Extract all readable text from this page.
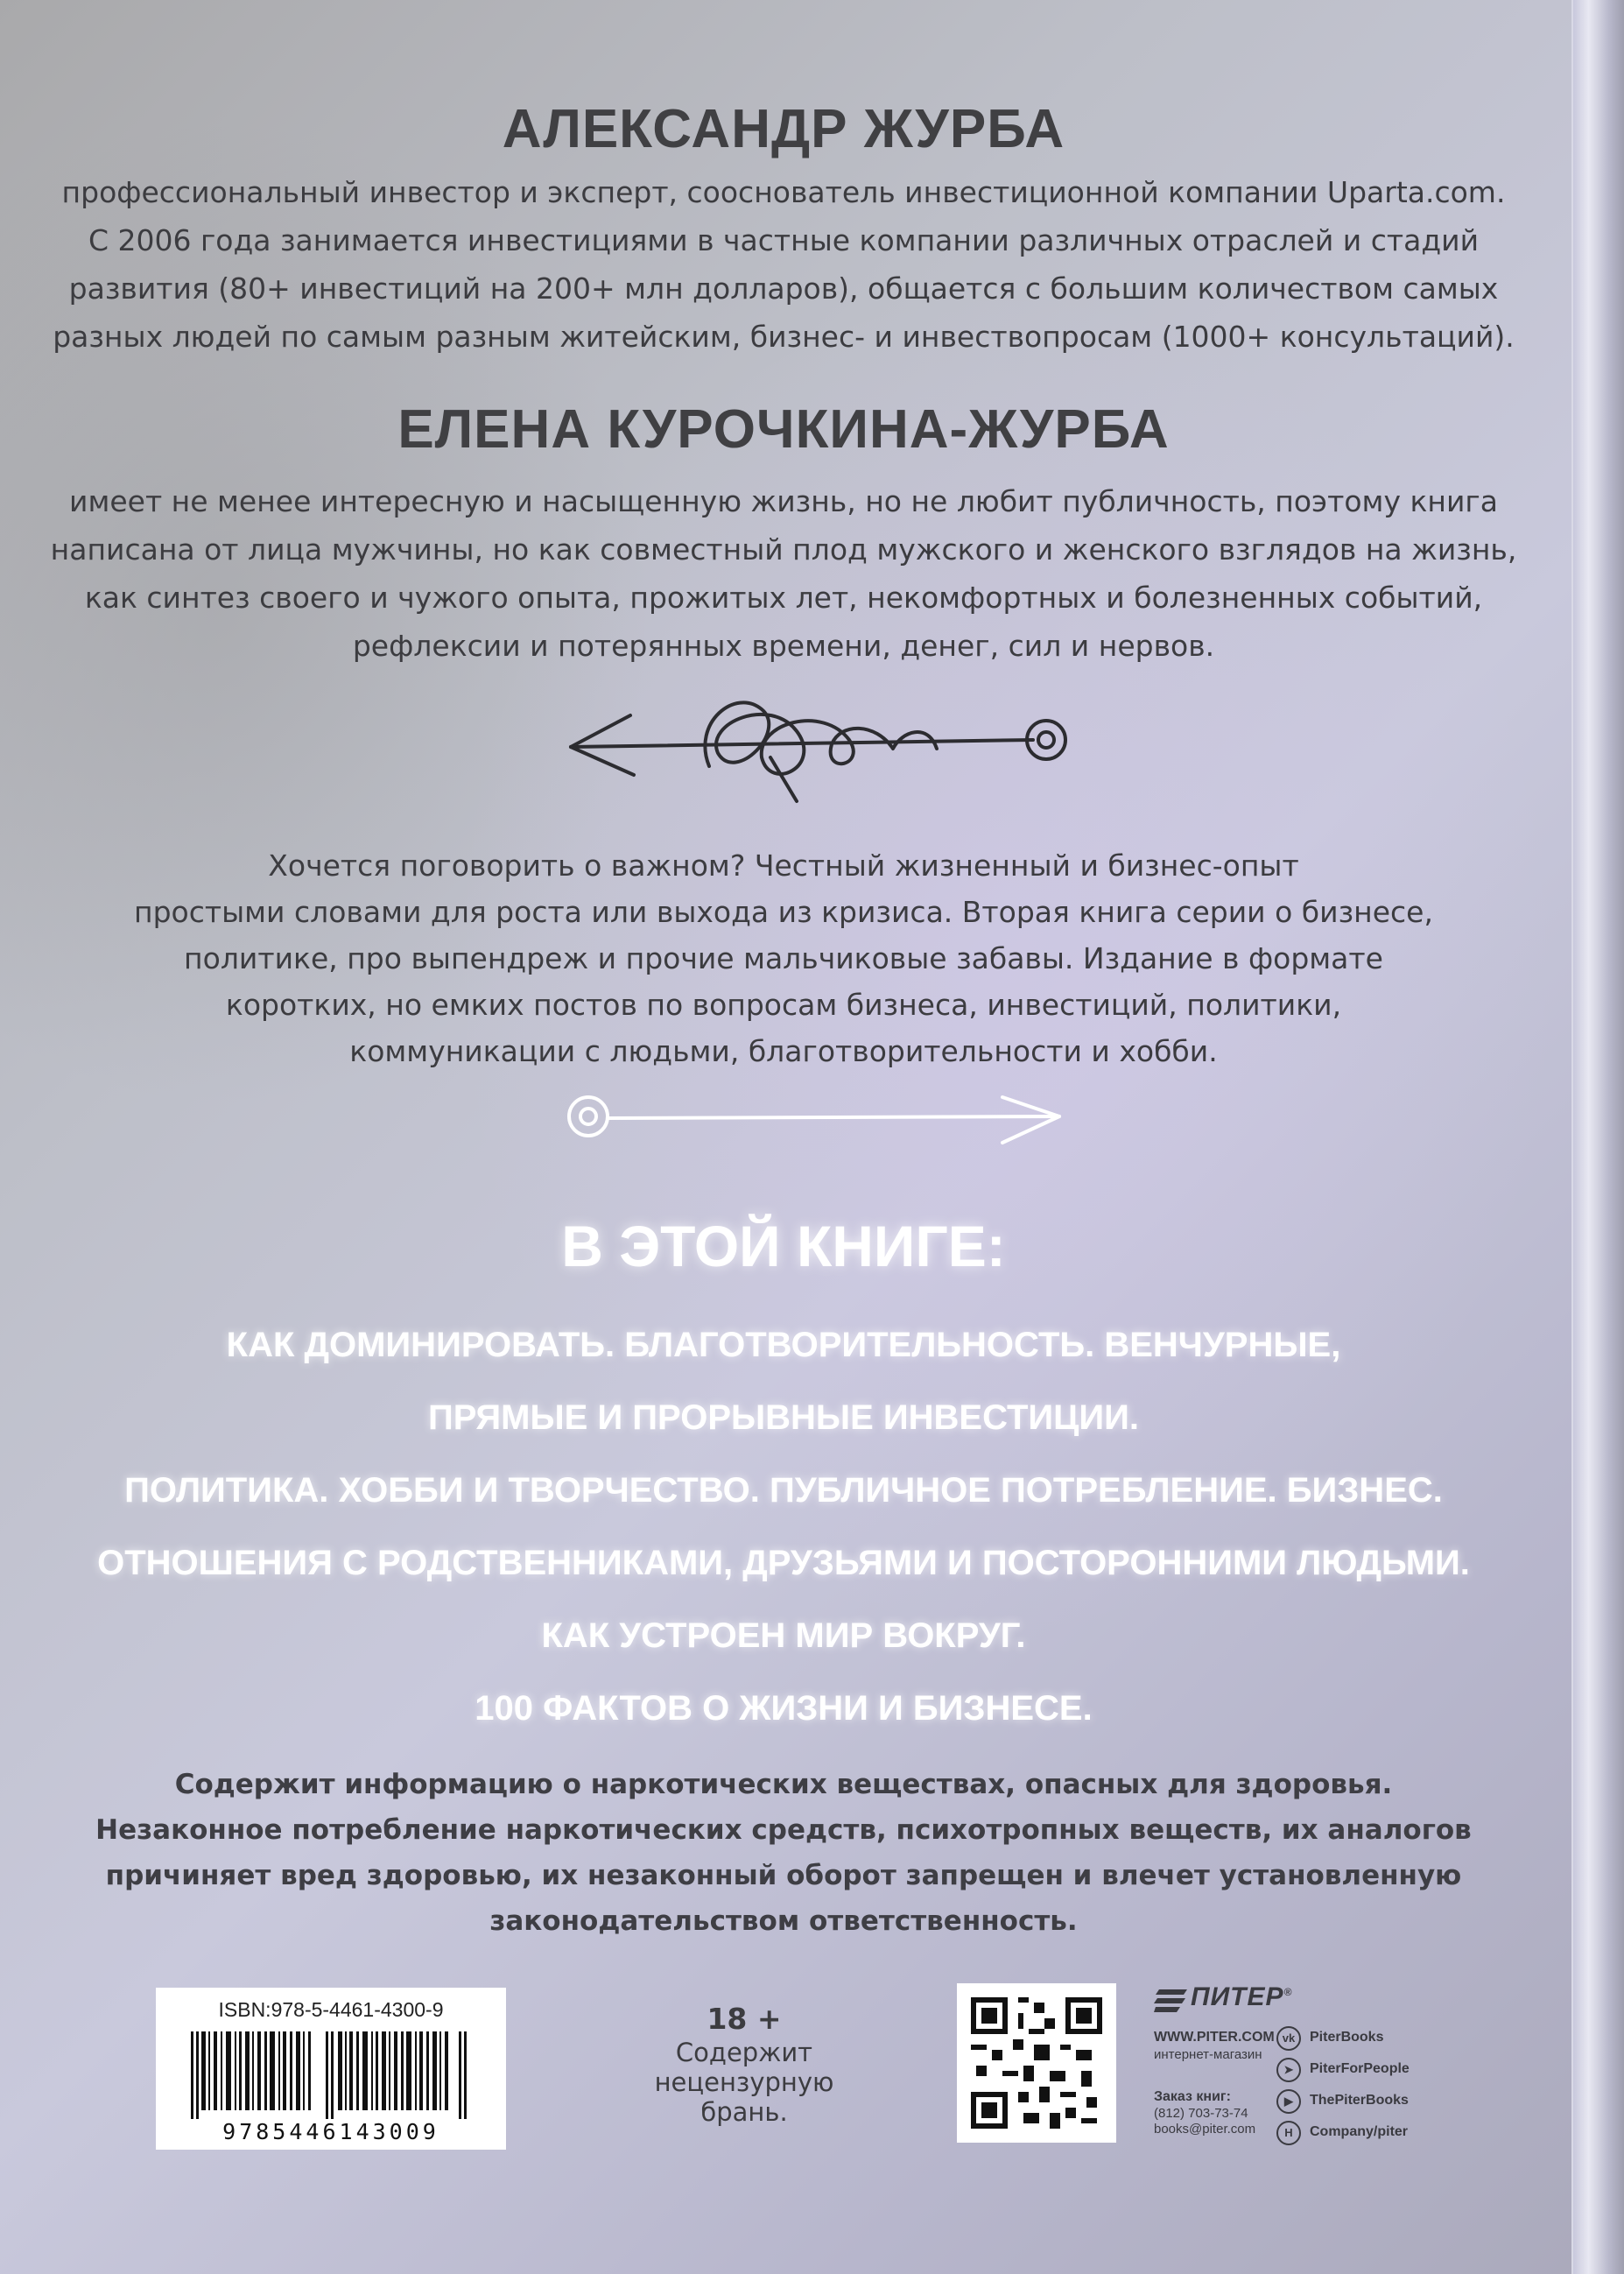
АЛЕКСАНДР ЖУРБА
профессиональный инвестор и эксперт, сооснователь инвестиционной компании Uparta.com.
С 2006 года занимается инвестициями в частные компании различных отраслей и стадий
развития (80+ инвестиций на 200+ млн долларов), общается с большим количеством самых
разных людей по самым разным житейским, бизнес- и инвествопросам (1000+ консультаций).
ЕЛЕНА КУРОЧКИНА-ЖУРБА
имеет не менее интересную и насыщенную жизнь, но не любит публичность, поэтому книга
написана от лица мужчины, но как совместный плод мужского и женского взглядов на жизнь,
как синтез своего и чужого опыта, прожитых лет, некомфортных и болезненных событий,
рефлексии и потерянных времени, денег, сил и нервов.
Хочется поговорить о важном? Честный жизненный и бизнес-опыт
простыми словами для роста или выхода из кризиса. Вторая книга серии о бизнесе,
политике, про выпендреж и прочие мальчиковые забавы. Издание в формате
коротких, но емких постов по вопросам бизнеса, инвестиций, политики,
коммуникации с людьми, благотворительности и хобби.
В ЭТОЙ КНИГЕ:
КАК ДОМИНИРОВАТЬ. БЛАГОТВОРИТЕЛЬНОСТЬ. ВЕНЧУРНЫЕ,
ПРЯМЫЕ И ПРОРЫВНЫЕ ИНВЕСТИЦИИ.
ПОЛИТИКА. ХОББИ И ТВОРЧЕСТВО. ПУБЛИЧНОЕ ПОТРЕБЛЕНИЕ. БИЗНЕС.
ОТНОШЕНИЯ С РОДСТВЕННИКАМИ, ДРУЗЬЯМИ И ПОСТОРОННИМИ ЛЮДЬМИ.
КАК УСТРОЕН МИР ВОКРУГ.
100 ФАКТОВ О ЖИЗНИ И БИЗНЕСЕ.
Содержит информацию о наркотических веществах, опасных для здоровья.
Незаконное потребление наркотических средств, психотропных веществ, их аналогов
причиняет вред здоровью, их незаконный оборот запрещен и влечет установленную
законодательством ответственность.
ISBN:978-5-4461-4300-9
9785446143009
18 +
Содержит
нецензурную
брань.
ПИТЕР®
WWW.PITER.COM
интернет-магазин
Заказ книг:
(812) 703-73-74
books@piter.com
vk	PiterBooks
➤	PiterForPeople
▶	ThePiterBooks
H	Company/piter
